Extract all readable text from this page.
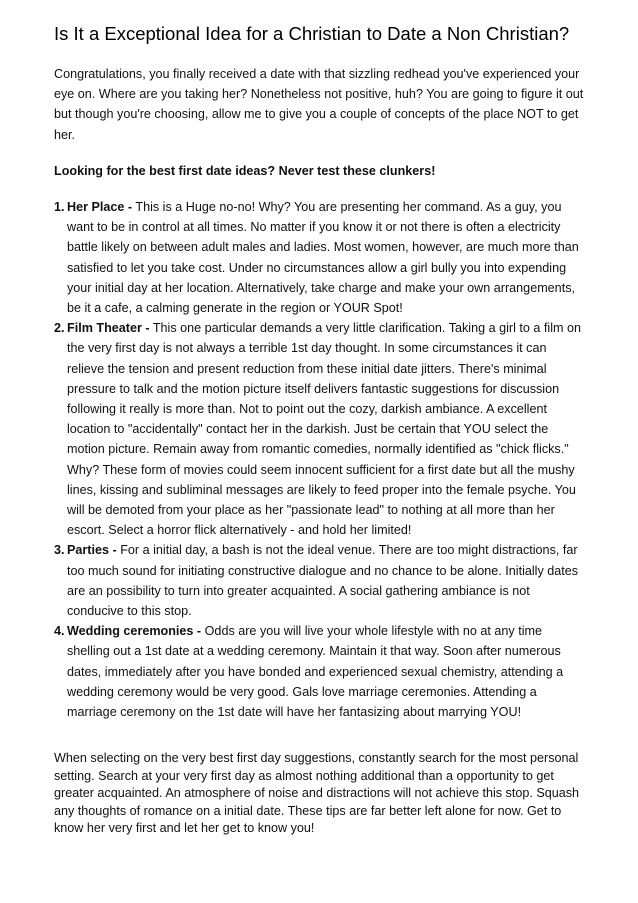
Is It a Exceptional Idea for a Christian to Date a Non Christian?

Congratulations, you finally received a date with that sizzling redhead you've experienced your eye on. Where are you taking her? Nonetheless not positive, huh? You are going to figure it out but though you're choosing, allow me to give you a couple of concepts of the place NOT to get her.

Looking for the best first date ideas? Never test these clunkers!

1. Her Place - This is a Huge no-no! Why? You are presenting her command. As a guy, you want to be in control at all times. No matter if you know it or not there is often a electricity battle likely on between adult males and ladies. Most women, however, are much more than satisfied to let you take cost. Under no circumstances allow a girl bully you into expending your initial day at her location. Alternatively, take charge and make your own arrangements, be it a cafe, a calming generate in the region or YOUR Spot!
2. Film Theater - This one particular demands a very little clarification. Taking a girl to a film on the very first day is not always a terrible 1st day thought. In some circumstances it can relieve the tension and present reduction from these initial date jitters. There's minimal pressure to talk and the motion picture itself delivers fantastic suggestions for discussion following it really is more than. Not to point out the cozy, darkish ambiance. A excellent location to "accidentally" contact her in the darkish. Just be certain that YOU select the motion picture. Remain away from romantic comedies, normally identified as "chick flicks." Why? These form of movies could seem innocent sufficient for a first date but all the mushy lines, kissing and subliminal messages are likely to feed proper into the female psyche. You will be demoted from your place as her "passionate lead" to nothing at all more than her escort. Select a horror flick alternatively - and hold her limited!
3. Parties - For a initial day, a bash is not the ideal venue. There are too might distractions, far too much sound for initiating constructive dialogue and no chance to be alone. Initially dates are an possibility to turn into greater acquainted. A social gathering ambiance is not conducive to this stop.
4. Wedding ceremonies - Odds are you will live your whole lifestyle with no at any time shelling out a 1st date at a wedding ceremony. Maintain it that way. Soon after numerous dates, immediately after you have bonded and experienced sexual chemistry, attending a wedding ceremony would be very good. Gals love marriage ceremonies. Attending a marriage ceremony on the 1st date will have her fantasizing about marrying YOU!

When selecting on the very best first day suggestions, constantly search for the most personal setting. Search at your very first day as almost nothing additional than a opportunity to get greater acquainted. An atmosphere of noise and distractions will not achieve this stop. Squash any thoughts of romance on a initial date. These tips are far better left alone for now. Get to know her very first and let her get to know you!
